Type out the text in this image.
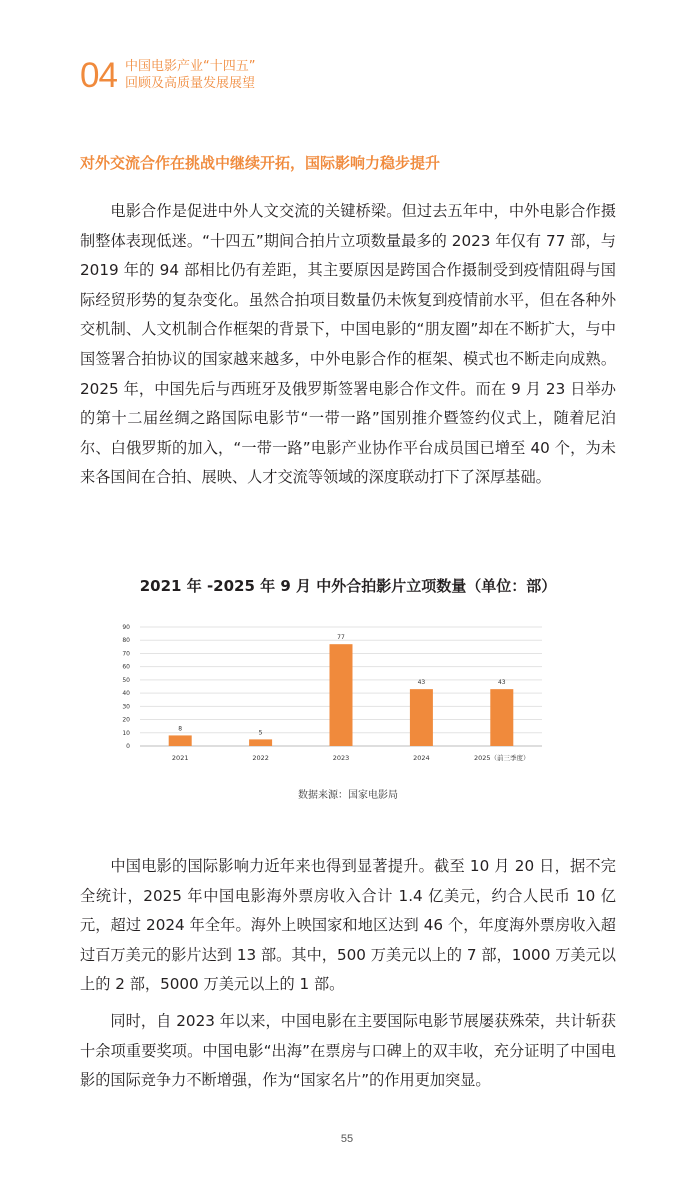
04 中国电影产业“十四五”
回顾及高质量发展展望
对外交流合作在挑战中继续开拓，国际影响力稳步提升

电影合作是促进中外人文交流的关键桥梁。但过去五年中，中外电影合作摄制整体表现低迷。“十四五”期间合拍片立项数量最多的 2023 年仅有 77 部，与 2019 年的 94 部相比仍有差距，其主要原因是跨国合作摄制受到疫情阻碍与国际经贸形势的复杂变化。虽然合拍项目数量仍未恢复到疫情前水平，但在各种外交机制、人文机制合作框架的背景下，中国电影的“朋友圈”却在不断扩大，与中国签署合拍协议的国家越来越多，中外电影合作的框架、模式也不断走向成熟。2025 年，中国先后与西班牙及俄罗斯签署电影合作文件。而在 9 月 23 日举办的第十二届丝绸之路国际电影节“一带一路”国别推介暨签约仪式上，随着尼泊尔、白俄罗斯的加入，“一带一路”电影产业协作平台成员国已增至 40 个，为未来各国间在合拍、展映、人才交流等领域的深度联动打下了深厚基础。

2021 年 -2025 年 9 月 中外合拍影片立项数量（单位：部）
0
10
20
30
40
50
60
70
80
90
8
2021
5
2022
77
2023
43
2024
43
2025（前三季度）
数据来源：国家电影局

中国电影的国际影响力近年来也得到显著提升。截至 10 月 20 日，据不完全统计，2025 年中国电影海外票房收入合计 1.4 亿美元，约合人民币 10 亿元，超过 2024 年全年。海外上映国家和地区达到 46 个，年度海外票房收入超过百万美元的影片达到 13 部。其中，500 万美元以上的 7 部，1000 万美元以上的 2 部，5000 万美元以上的 1 部。

同时，自 2023 年以来，中国电影在主要国际电影节展屡获殊荣，共计斩获十余项重要奖项。中国电影“出海”在票房与口碑上的双丰收，充分证明了中国电影的国际竞争力不断增强，作为“国家名片”的作用更加突显。

55
